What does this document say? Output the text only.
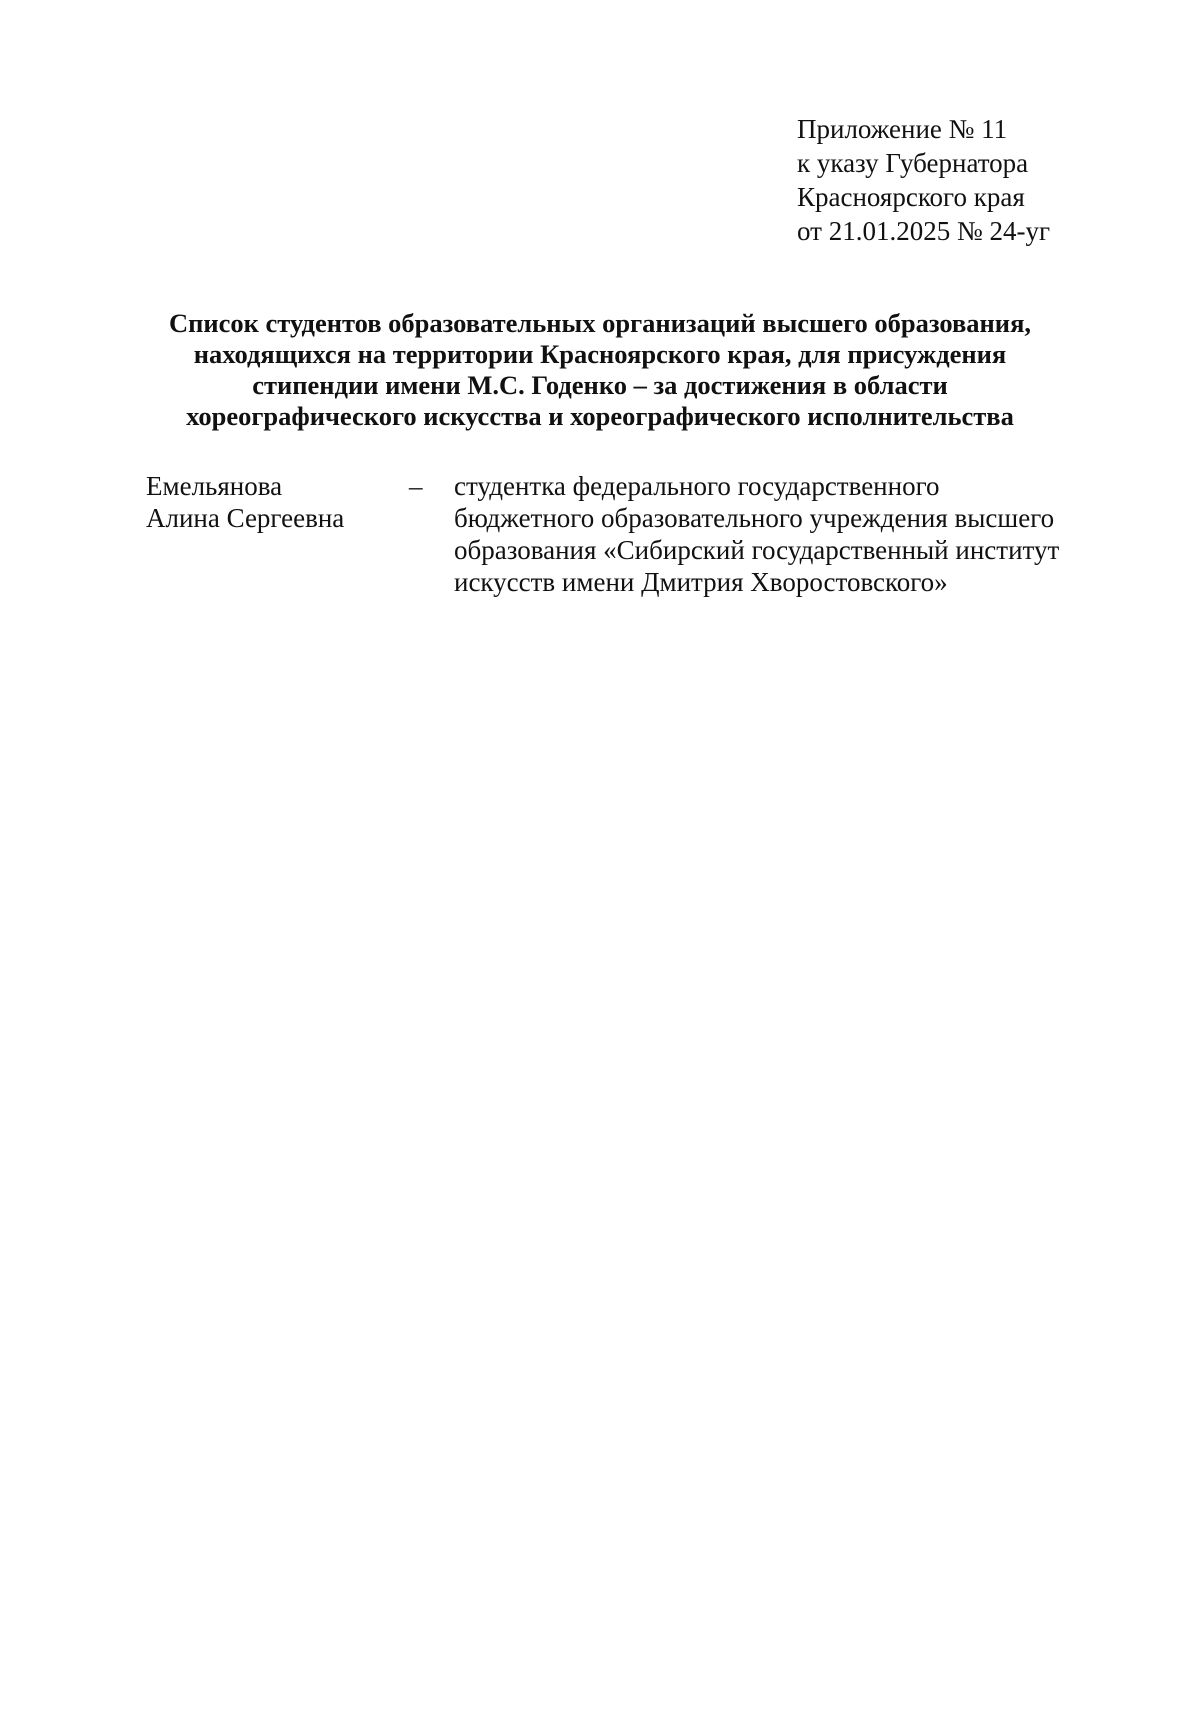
Приложение № 11
к указу Губернатора
Красноярского края
от 21.01.2025 № 24-уг
Список студентов образовательных организаций высшего образования,
находящихся на территории Красноярского края, для присуждения
стипендии имени М.С. Годенко – за достижения в области
хореографического искусства и хореографического исполнительства
Емельянова
Алина Сергеевна
–	студентка федерального государственного
бюджетного образовательного учреждения высшего
образования «Сибирский государственный институт
искусств имени Дмитрия Хворостовского»
